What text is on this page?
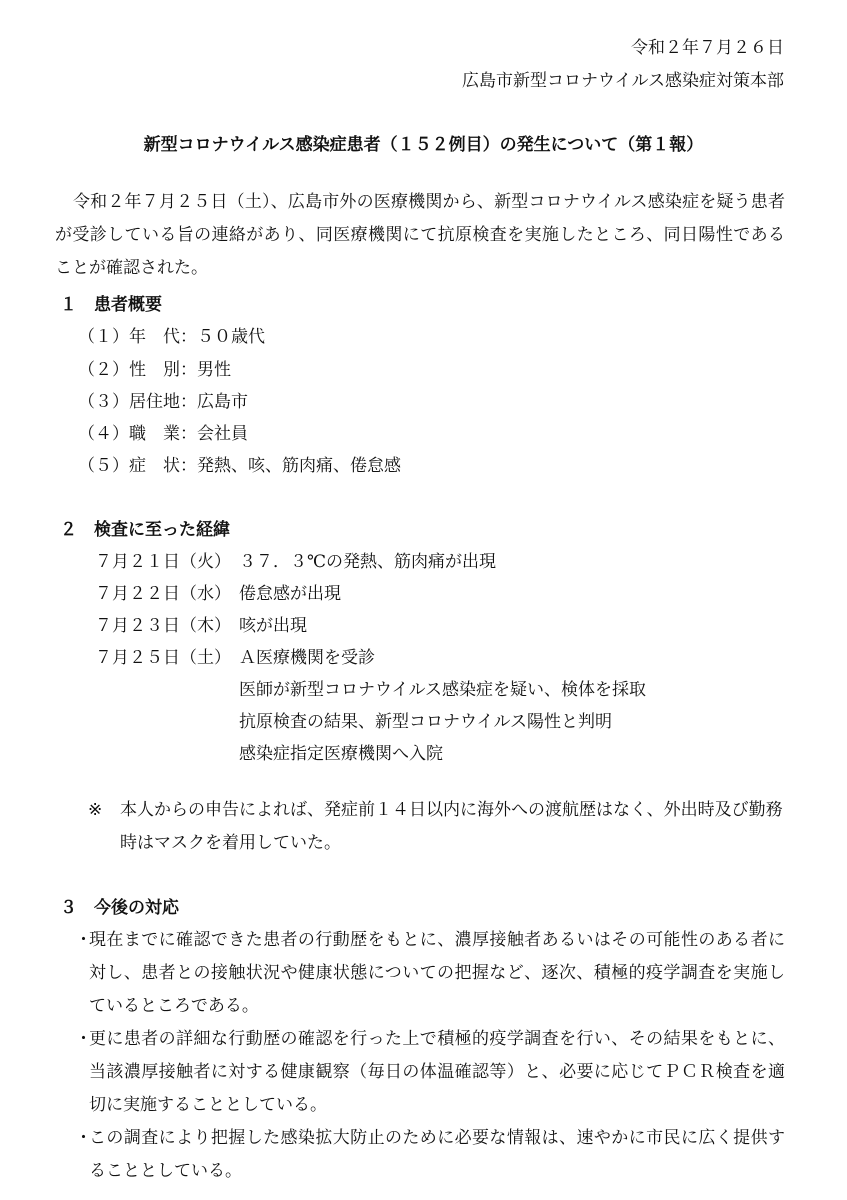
令和２年７月２６日
広島市新型コロナウイルス感染症対策本部
新型コロナウイルス感染症患者（１５２例目）の発生について（第１報）
令和２年７月２５日（土）、広島市外の医療機関から、新型コロナウイルス感染症を疑う患者が受診している旨の連絡があり、同医療機関にて抗原検査を実施したところ、同日陽性であることが確認された。
１　患者概要
（１）年　代：５０歳代
（２）性　別：男性
（３）居住地：広島市
（４）職　業：会社員
（５）症　状：発熱、咳、筋肉痛、倦怠感
２　検査に至った経緯
７月２１日（火） ３７．３℃の発熱、筋肉痛が出現
７月２２日（水） 倦怠感が出現
７月２３日（木） 咳が出現
７月２５日（土） Ａ医療機関を受診
医師が新型コロナウイルス感染症を疑い、検体を採取
抗原検査の結果、新型コロナウイルス陽性と判明
感染症指定医療機関へ入院
※	本人からの申告によれば、発症前１４日以内に海外への渡航歴はなく、外出時及び勤務時はマスクを着用していた。
３　今後の対応
・
現在までに確認できた患者の行動歴をもとに、濃厚接触者あるいはその可能性のある者に対し、患者との接触状況や健康状態についての把握など、逐次、積極的疫学調査を実施しているところである。
・
更に患者の詳細な行動歴の確認を行った上で積極的疫学調査を行い、その結果をもとに、当該濃厚接触者に対する健康観察（毎日の体温確認等）と、必要に応じてＰＣＲ検査を適切に実施することとしている。
・
この調査により把握した感染拡大防止のために必要な情報は、速やかに市民に広く提供することとしている。
